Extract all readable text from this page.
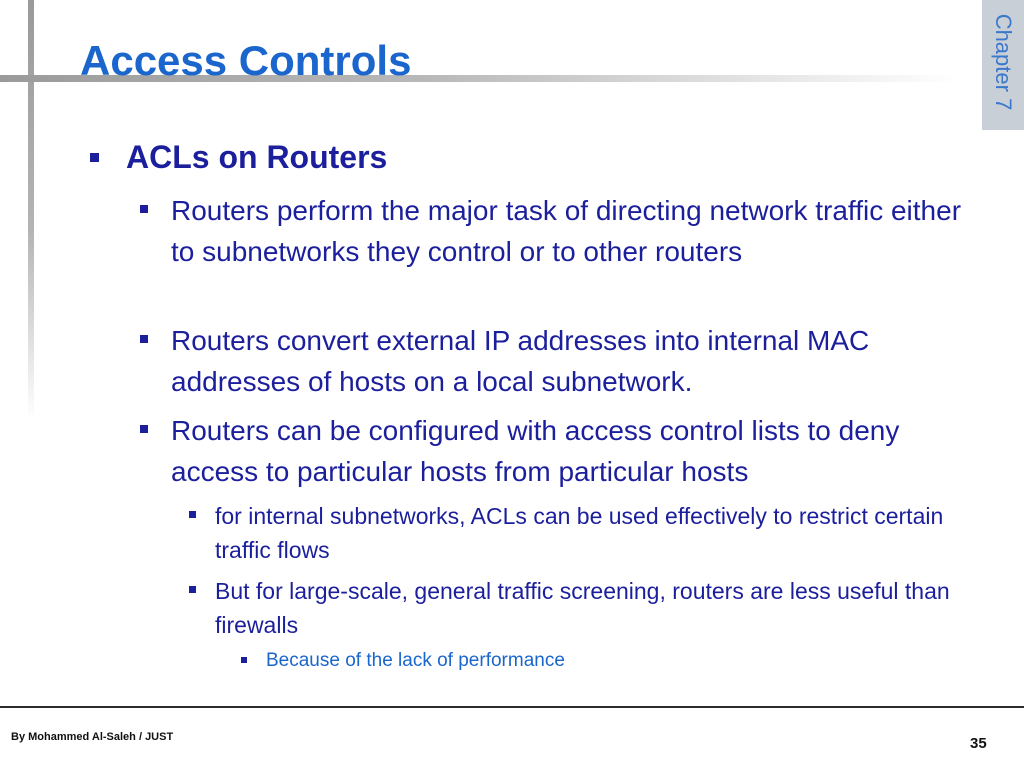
Access Controls	Chapter 7
ACLs on Routers
Routers perform the major task of directing network traffic either to subnetworks they control or to other routers
Routers convert external IP addresses into internal MAC addresses of hosts on a local subnetwork.
Routers can be configured with access control lists to deny access to particular hosts from particular hosts
for internal subnetworks, ACLs can be used effectively to restrict certain traffic flows
But for large-scale, general traffic screening, routers are less useful than firewalls
Because of the lack of performance
By Mohammed Al-Saleh / JUST	35
